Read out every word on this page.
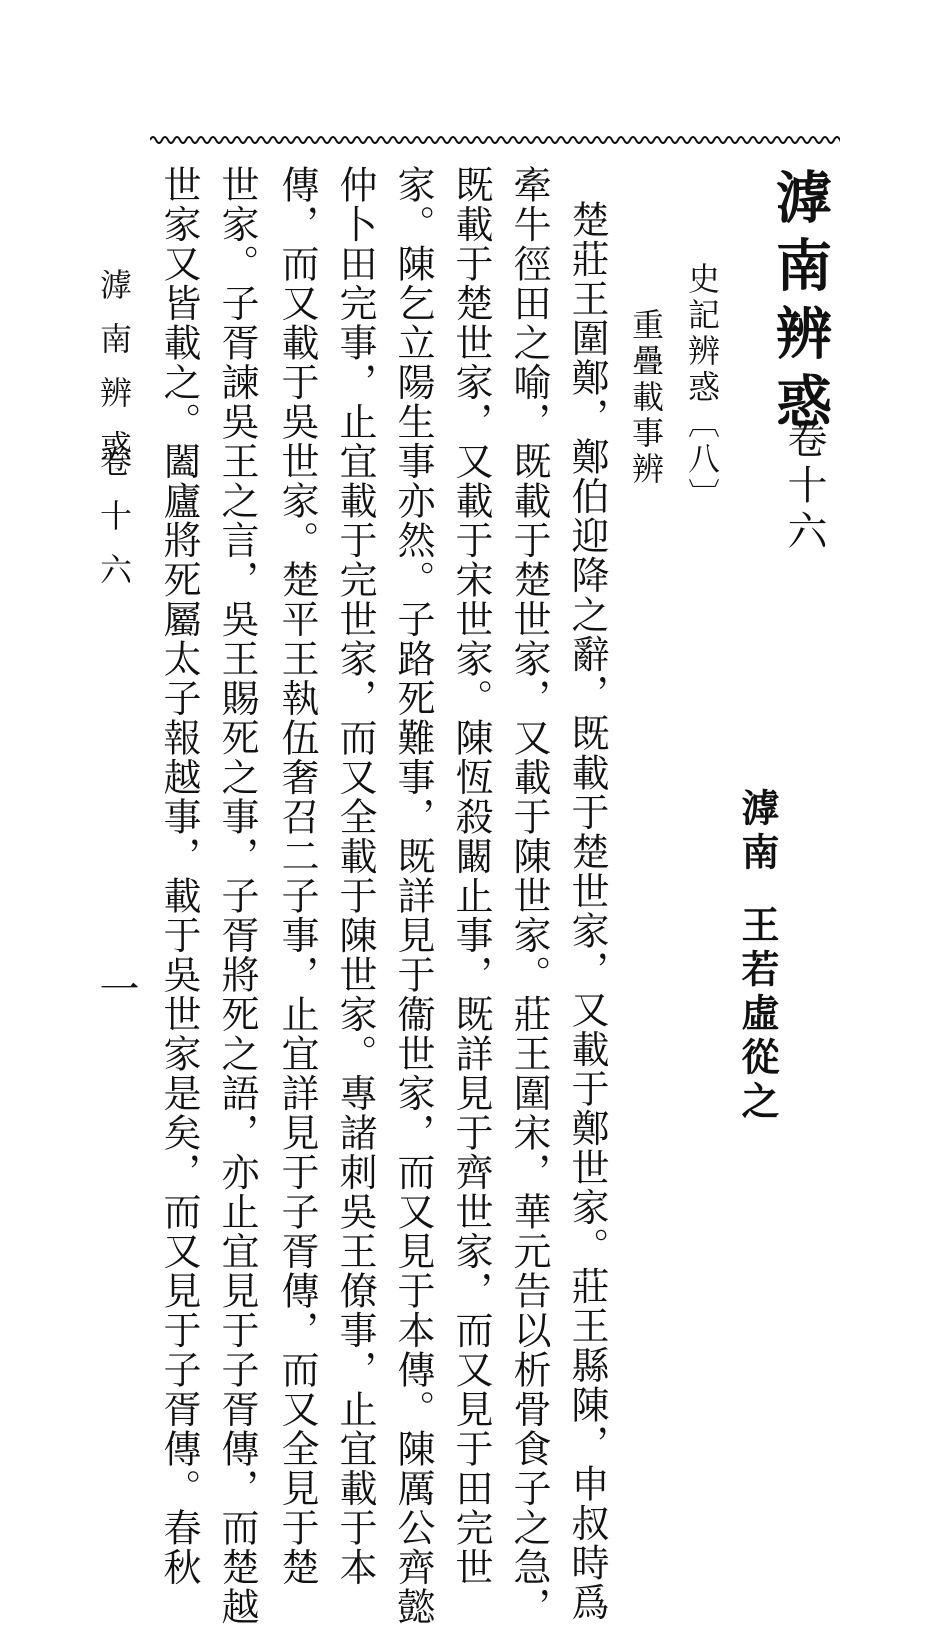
滹南辨惑
卷十六
滹南
王若虛從之
史記辨惑〔八〕
重疊載事辨
楚莊王圍鄭，鄭伯迎降之辭，既載于楚世家，又載于鄭世家。莊王縣陳，申叔時爲
牽牛徑田之喻，既載于楚世家，又載于陳世家。莊王圍宋，華元告以析骨食子之急，
既載于楚世家，又載于宋世家。陳恆殺闞止事，既詳見于齊世家，而又見于田完世
家。陳乞立陽生事亦然。子路死難事，既詳見于衞世家，而又見于本傳。陳厲公齊懿
仲卜田完事，止宜載于完世家，而又全載于陳世家。專諸刺吳王僚事，止宜載于本
傳，而又載于吳世家。楚平王執伍奢召二子事，止宜詳見于子胥傳，而又全見于楚
世家。子胥諫吳王之言，吳王賜死之事，子胥將死之語，亦止宜見于子胥傳，而楚越
世家又皆載之。闔廬將死屬太子報越事，載于吳世家是矣，而又見于子胥傳。春秋
滹南辨惑
卷十六
一
